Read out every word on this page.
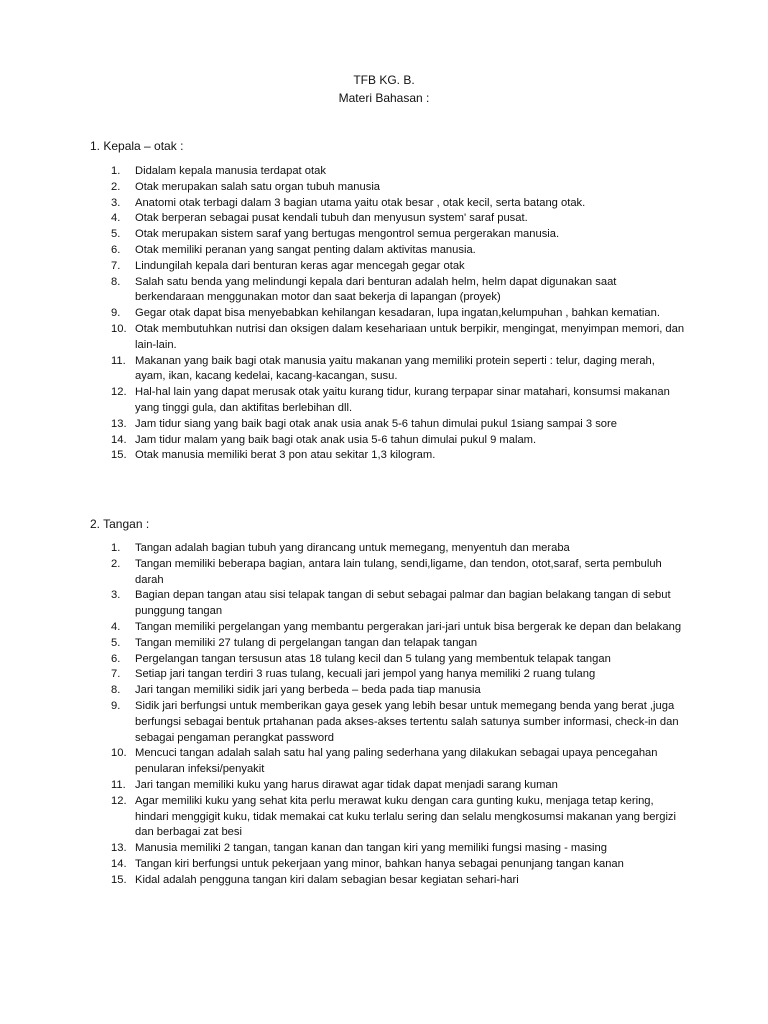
TFB KG. B.
Materi Bahasan :
1. Kepala – otak :
1. Didalam kepala manusia terdapat otak
2. Otak merupakan salah satu organ tubuh manusia
3. Anatomi otak terbagi dalam 3 bagian utama yaitu otak besar , otak kecil, serta batang otak.
4. Otak berperan sebagai pusat kendali tubuh dan menyusun system' saraf pusat.
5. Otak merupakan sistem saraf yang bertugas mengontrol semua pergerakan manusia.
6. Otak memiliki peranan yang sangat penting dalam aktivitas manusia.
7. Lindungilah kepala dari benturan keras agar mencegah gegar otak
8. Salah satu benda yang melindungi kepala dari benturan adalah helm, helm dapat digunakan saat berkendaraan menggunakan motor dan saat bekerja di lapangan (proyek)
9. Gegar otak dapat bisa menyebabkan kehilangan kesadaran, lupa ingatan,kelumpuhan , bahkan kematian.
10. Otak membutuhkan nutrisi dan oksigen dalam kesehariaan untuk berpikir, mengingat, menyimpan memori, dan lain-lain.
11. Makanan yang baik bagi otak manusia yaitu makanan yang memiliki protein seperti : telur, daging merah, ayam, ikan, kacang kedelai, kacang-kacangan, susu.
12. Hal-hal lain yang dapat merusak otak yaitu kurang tidur, kurang terpapar sinar matahari, konsumsi makanan yang tinggi gula, dan aktifitas berlebihan dll.
13. Jam tidur siang yang baik bagi otak anak usia anak 5-6 tahun dimulai pukul 1siang sampai 3 sore
14. Jam tidur malam yang baik bagi otak anak usia 5-6 tahun dimulai pukul 9 malam.
15. Otak manusia memiliki berat 3 pon atau sekitar 1,3 kilogram.
2. Tangan :
1. Tangan adalah bagian tubuh yang dirancang untuk memegang, menyentuh dan meraba
2. Tangan memiliki beberapa bagian, antara lain tulang, sendi,ligame, dan tendon, otot,saraf, serta pembuluh darah
3. Bagian depan tangan atau sisi telapak tangan di sebut sebagai palmar dan bagian belakang tangan di sebut punggung tangan
4. Tangan memiliki pergelangan yang membantu pergerakan jari-jari untuk bisa bergerak ke depan dan belakang
5. Tangan memiliki 27 tulang di pergelangan tangan dan telapak tangan
6. Pergelangan tangan tersusun atas 18 tulang kecil dan 5 tulang yang membentuk telapak tangan
7. Setiap jari tangan terdiri 3 ruas tulang, kecuali jari jempol yang hanya memiliki 2 ruang tulang
8. Jari tangan memiliki sidik jari yang berbeda – beda pada tiap manusia
9. Sidik jari berfungsi untuk memberikan gaya gesek yang lebih besar untuk memegang benda yang berat ,juga berfungsi sebagai bentuk prtahanan pada akses-akses tertentu salah satunya sumber informasi, check-in dan sebagai pengaman perangkat password
10. Mencuci tangan adalah salah satu hal yang paling sederhana yang dilakukan sebagai upaya pencegahan penularan infeksi/penyakit
11. Jari tangan memiliki kuku yang harus dirawat agar tidak dapat menjadi sarang kuman
12. Agar memiliki kuku yang sehat kita perlu merawat kuku dengan cara gunting kuku, menjaga tetap kering, hindari menggigit kuku, tidak memakai cat kuku terlalu sering dan selalu mengkosumsi makanan yang bergizi dan berbagai zat besi
13. Manusia memiliki 2 tangan, tangan kanan dan tangan kiri yang memiliki fungsi masing - masing
14. Tangan kiri berfungsi untuk pekerjaan yang minor, bahkan hanya sebagai penunjang tangan kanan
15. Kidal adalah pengguna tangan kiri dalam sebagian besar kegiatan sehari-hari
